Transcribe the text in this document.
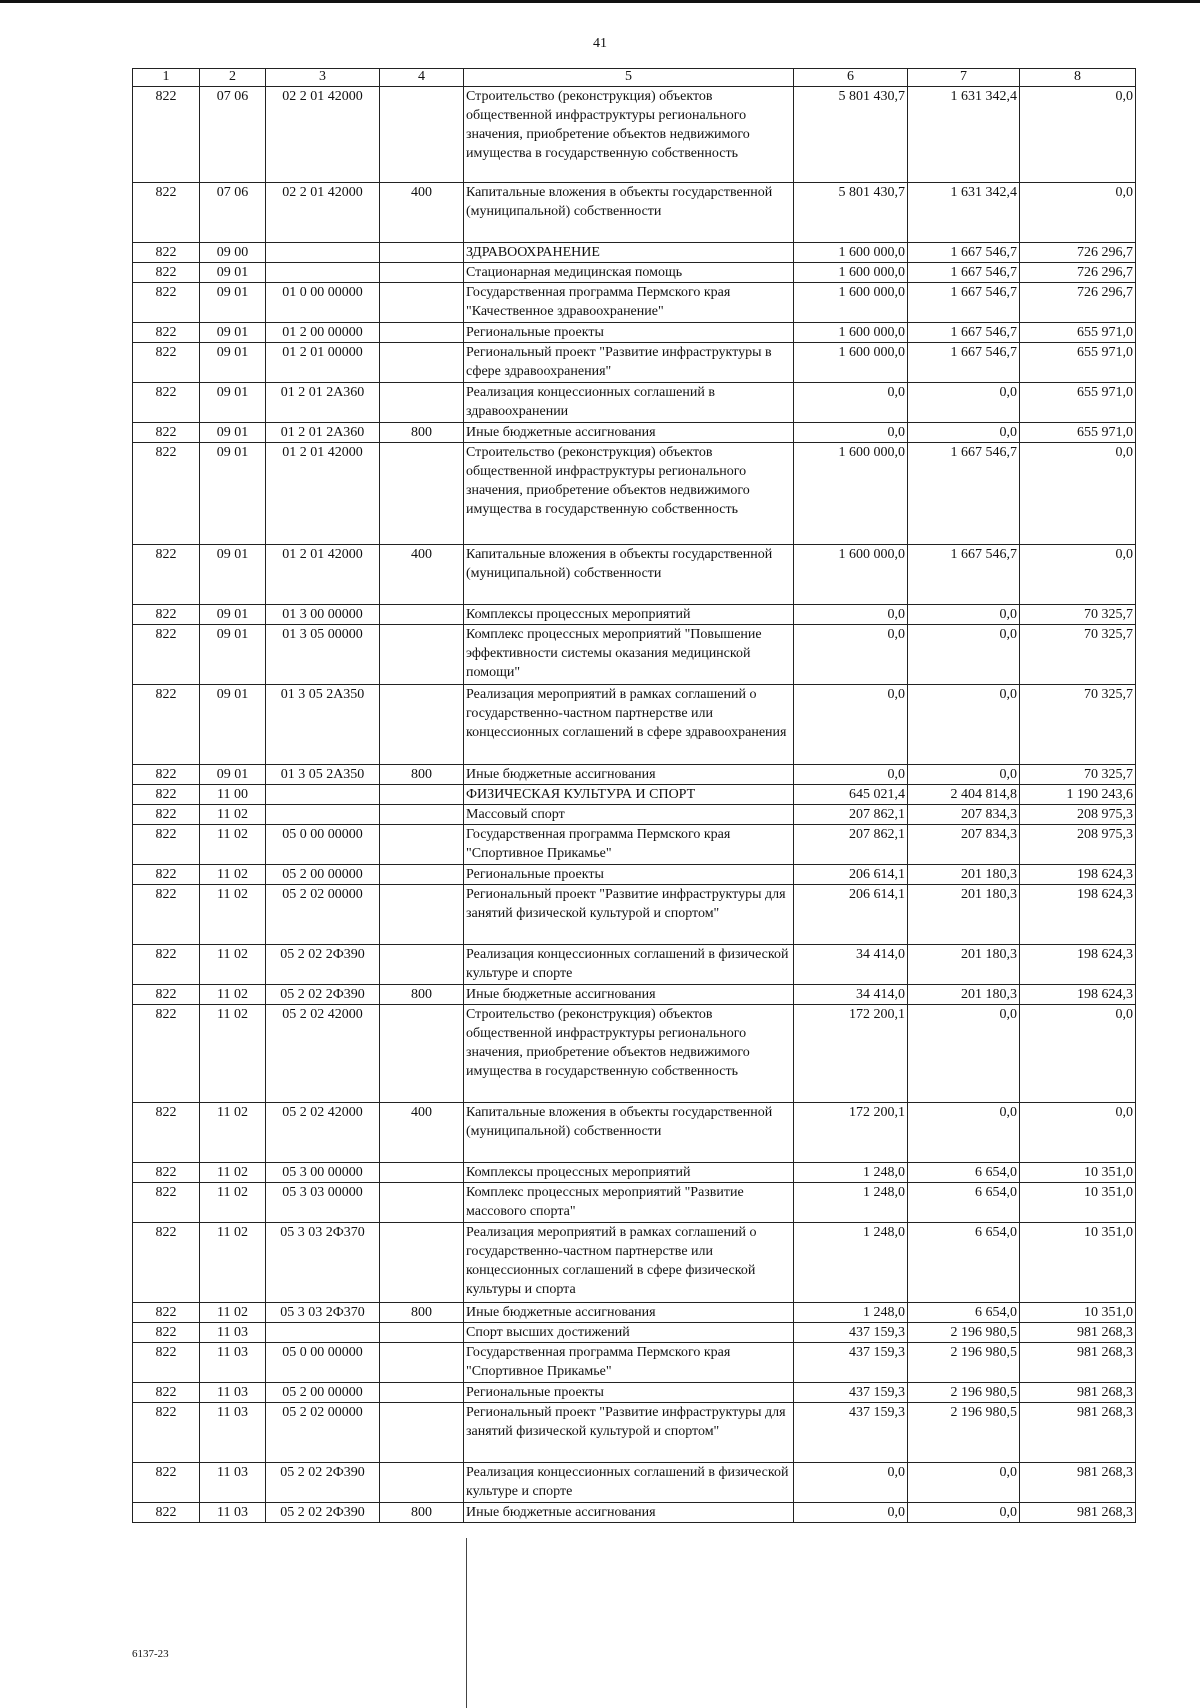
41
1	2	3	4	5	6	7	8
822	07 06	02 2 01 42000		Строительство (реконструкция) объектов общественной инфраструктуры регионального значения, приобретение объектов недвижимого имущества в государственную собственность	5 801 430,7	1 631 342,4	0,0
822	07 06	02 2 01 42000	400	Капитальные вложения в объекты государственной (муниципальной) собственности	5 801 430,7	1 631 342,4	0,0
822	09 00			ЗДРАВООХРАНЕНИЕ	1 600 000,0	1 667 546,7	726 296,7
822	09 01			Стационарная медицинская помощь	1 600 000,0	1 667 546,7	726 296,7
822	09 01	01 0 00 00000		Государственная программа Пермского края "Качественное здравоохранение"	1 600 000,0	1 667 546,7	726 296,7
822	09 01	01 2 00 00000		Региональные проекты	1 600 000,0	1 667 546,7	655 971,0
822	09 01	01 2 01 00000		Региональный проект "Развитие инфраструктуры в сфере здравоохранения"	1 600 000,0	1 667 546,7	655 971,0
822	09 01	01 2 01 2А360		Реализация концессионных соглашений в здравоохранении	0,0	0,0	655 971,0
822	09 01	01 2 01 2А360	800	Иные бюджетные ассигнования	0,0	0,0	655 971,0
822	09 01	01 2 01 42000		Строительство (реконструкция) объектов общественной инфраструктуры регионального значения, приобретение объектов недвижимого имущества в государственную собственность	1 600 000,0	1 667 546,7	0,0
822	09 01	01 2 01 42000	400	Капитальные вложения в объекты государственной (муниципальной) собственности	1 600 000,0	1 667 546,7	0,0
822	09 01	01 3 00 00000		Комплексы процессных мероприятий	0,0	0,0	70 325,7
822	09 01	01 3 05 00000		Комплекс процессных мероприятий "Повышение эффективности системы оказания медицинской помощи"	0,0	0,0	70 325,7
822	09 01	01 3 05 2А350		Реализация мероприятий в рамках соглашений о государственно-частном партнерстве или концессионных соглашений в сфере здравоохранения	0,0	0,0	70 325,7
822	09 01	01 3 05 2А350	800	Иные бюджетные ассигнования	0,0	0,0	70 325,7
822	11 00			ФИЗИЧЕСКАЯ КУЛЬТУРА И СПОРТ	645 021,4	2 404 814,8	1 190 243,6
822	11 02			Массовый спорт	207 862,1	207 834,3	208 975,3
822	11 02	05 0 00 00000		Государственная программа Пермского края "Спортивное Прикамье"	207 862,1	207 834,3	208 975,3
822	11 02	05 2 00 00000		Региональные проекты	206 614,1	201 180,3	198 624,3
822	11 02	05 2 02 00000		Региональный проект "Развитие инфраструктуры для занятий физической культурой и спортом"	206 614,1	201 180,3	198 624,3
822	11 02	05 2 02 2Ф390		Реализация концессионных соглашений в физической культуре и спорте	34 414,0	201 180,3	198 624,3
822	11 02	05 2 02 2Ф390	800	Иные бюджетные ассигнования	34 414,0	201 180,3	198 624,3
822	11 02	05 2 02 42000		Строительство (реконструкция) объектов общественной инфраструктуры регионального значения, приобретение объектов недвижимого имущества в государственную собственность	172 200,1	0,0	0,0
822	11 02	05 2 02 42000	400	Капитальные вложения в объекты государственной (муниципальной) собственности	172 200,1	0,0	0,0
822	11 02	05 3 00 00000		Комплексы процессных мероприятий	1 248,0	6 654,0	10 351,0
822	11 02	05 3 03 00000		Комплекс процессных мероприятий "Развитие массового спорта"	1 248,0	6 654,0	10 351,0
822	11 02	05 3 03 2Ф370		Реализация мероприятий в рамках соглашений о государственно-частном партнерстве или концессионных соглашений в сфере физической культуры и спорта	1 248,0	6 654,0	10 351,0
822	11 02	05 3 03 2Ф370	800	Иные бюджетные ассигнования	1 248,0	6 654,0	10 351,0
822	11 03			Спорт высших достижений	437 159,3	2 196 980,5	981 268,3
822	11 03	05 0 00 00000		Государственная программа Пермского края "Спортивное Прикамье"	437 159,3	2 196 980,5	981 268,3
822	11 03	05 2 00 00000		Региональные проекты	437 159,3	2 196 980,5	981 268,3
822	11 03	05 2 02 00000		Региональный проект "Развитие инфраструктуры для занятий физической культурой и спортом"	437 159,3	2 196 980,5	981 268,3
822	11 03	05 2 02 2Ф390		Реализация концессионных соглашений в физической культуре и спорте	0,0	0,0	981 268,3
822	11 03	05 2 02 2Ф390	800	Иные бюджетные ассигнования	0,0	0,0	981 268,3
6137-23
